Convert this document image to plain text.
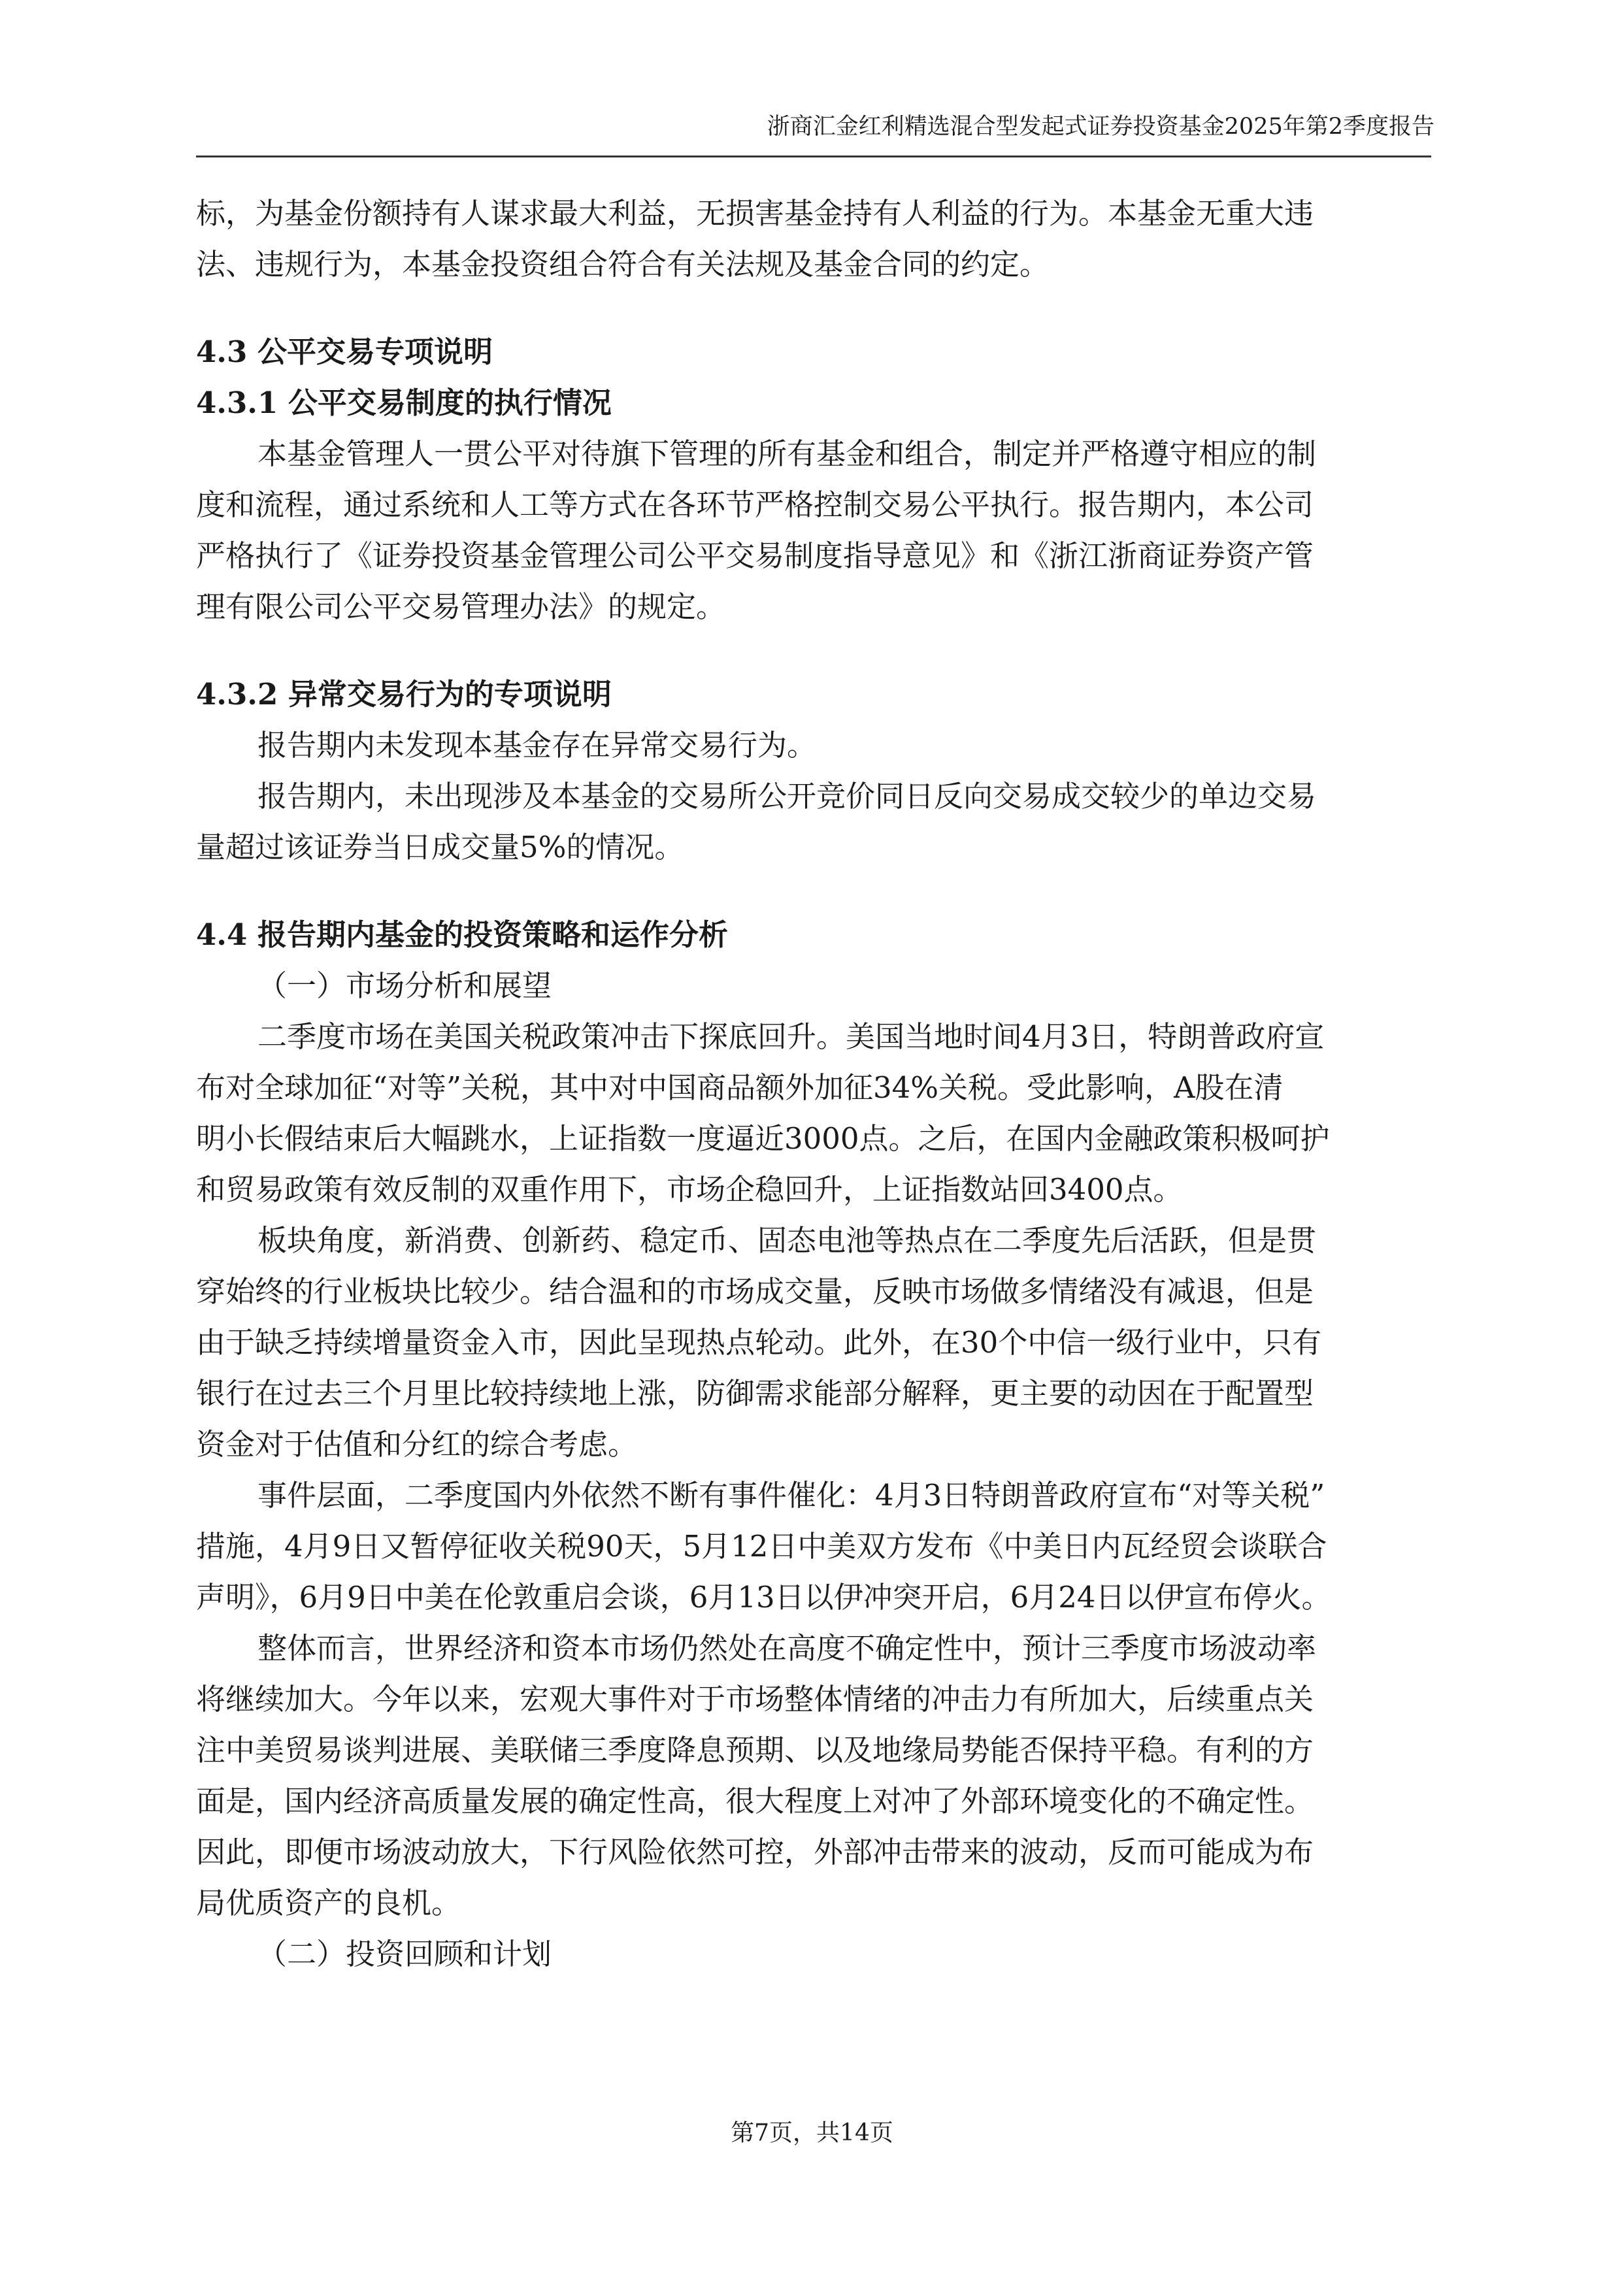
浙商汇金红利精选混合型发起式证券投资基金2025年第2季度报告

标，为基金份额持有人谋求最大利益，无损害基金持有人利益的行为。本基金无重大违

法、违规行为，本基金投资组合符合有关法规及基金合同的约定。

4.3 公平交易专项说明

4.3.1 公平交易制度的执行情况

本基金管理人一贯公平对待旗下管理的所有基金和组合，制定并严格遵守相应的制

度和流程，通过系统和人工等方式在各环节严格控制交易公平执行。报告期内，本公司

严格执行了《证券投资基金管理公司公平交易制度指导意见》和《浙江浙商证券资产管

理有限公司公平交易管理办法》的规定。

4.3.2 异常交易行为的专项说明

报告期内未发现本基金存在异常交易行为。

报告期内，未出现涉及本基金的交易所公开竞价同日反向交易成交较少的单边交易

量超过该证券当日成交量5%的情况。

4.4 报告期内基金的投资策略和运作分析

（一）市场分析和展望

二季度市场在美国关税政策冲击下探底回升。美国当地时间4月3日，特朗普政府宣

布对全球加征“对等”关税，其中对中国商品额外加征34%关税。受此影响，A股在清

明小长假结束后大幅跳水，上证指数一度逼近3000点。之后，在国内金融政策积极呵护

和贸易政策有效反制的双重作用下，市场企稳回升，上证指数站回3400点。

板块角度，新消费、创新药、稳定币、固态电池等热点在二季度先后活跃，但是贯

穿始终的行业板块比较少。结合温和的市场成交量，反映市场做多情绪没有减退，但是

由于缺乏持续增量资金入市，因此呈现热点轮动。此外，在30个中信一级行业中，只有

银行在过去三个月里比较持续地上涨，防御需求能部分解释，更主要的动因在于配置型

资金对于估值和分红的综合考虑。

事件层面，二季度国内外依然不断有事件催化：4月3日特朗普政府宣布“对等关税”

措施，4月9日又暂停征收关税90天，5月12日中美双方发布《中美日内瓦经贸会谈联合

声明》，6月9日中美在伦敦重启会谈，6月13日以伊冲突开启，6月24日以伊宣布停火。

整体而言，世界经济和资本市场仍然处在高度不确定性中，预计三季度市场波动率

将继续加大。今年以来，宏观大事件对于市场整体情绪的冲击力有所加大，后续重点关

注中美贸易谈判进展、美联储三季度降息预期、以及地缘局势能否保持平稳。有利的方

面是，国内经济高质量发展的确定性高，很大程度上对冲了外部环境变化的不确定性。

因此，即便市场波动放大，下行风险依然可控，外部冲击带来的波动，反而可能成为布

局优质资产的良机。

（二）投资回顾和计划

第7页，共14页
